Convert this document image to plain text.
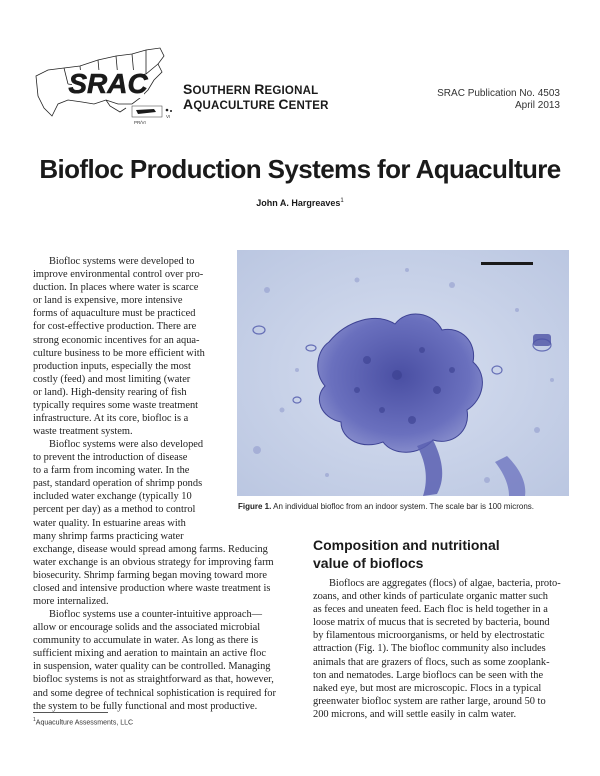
SRAC
PR/VI
VI
SOUTHERN REGIONAL
AQUACULTURE CENTER
SRAC Publication No. 4503
April 2013
Biofloc Production Systems for Aquaculture
John A. Hargreaves$^1$
Biofloc systems were developed to
improve environmental control over pro-
duction. In places where water is scarce
or land is expensive, more intensive
forms of aquaculture must be practiced
for cost-effective production. There are
strong economic incentives for an aqua-
culture business to be more efficient with
production inputs, especially the most
costly (feed) and most limiting (water
or land). High-density rearing of fish
typically requires some waste treatment
infrastructure. At its core, biofloc is a
waste treatment system.
Biofloc systems were also developed
to prevent the introduction of disease
to a farm from incoming water. In the
past, standard operation of shrimp ponds
included water exchange (typically 10
percent per day) as a method to control
water quality. In estuarine areas with
many shrimp farms practicing water
exchange, disease would spread among farms. Reducing
water exchange is an obvious strategy for improving farm
biosecurity. Shrimp farming began moving toward more
closed and intensive production where waste treatment is
more internalized.
Biofloc systems use a counter-intuitive approach—
allow or encourage solids and the associated microbial
community to accumulate in water. As long as there is
sufficient mixing and aeration to maintain an active floc
in suspension, water quality can be controlled. Managing
biofloc systems is not as straightforward as that, however,
and some degree of technical sophistication is required for
the system to be fully functional and most productive.
Figure 1. An individual biofloc from an indoor system. The scale bar is 100 microns.
Composition and nutritional
value of bioflocs
Bioflocs are aggregates (flocs) of algae, bacteria, proto-
zoans, and other kinds of particulate organic matter such
as feces and uneaten feed. Each floc is held together in a
loose matrix of mucus that is secreted by bacteria, bound
by filamentous microorganisms, or held by electrostatic
attraction (Fig. 1). The biofloc community also includes
animals that are grazers of flocs, such as some zooplank-
ton and nematodes. Large bioflocs can be seen with the
naked eye, but most are microscopic. Flocs in a typical
greenwater biofloc system are rather large, around 50 to
200 microns, and will settle easily in calm water.
$^1$Aquaculture Assessments, LLC
